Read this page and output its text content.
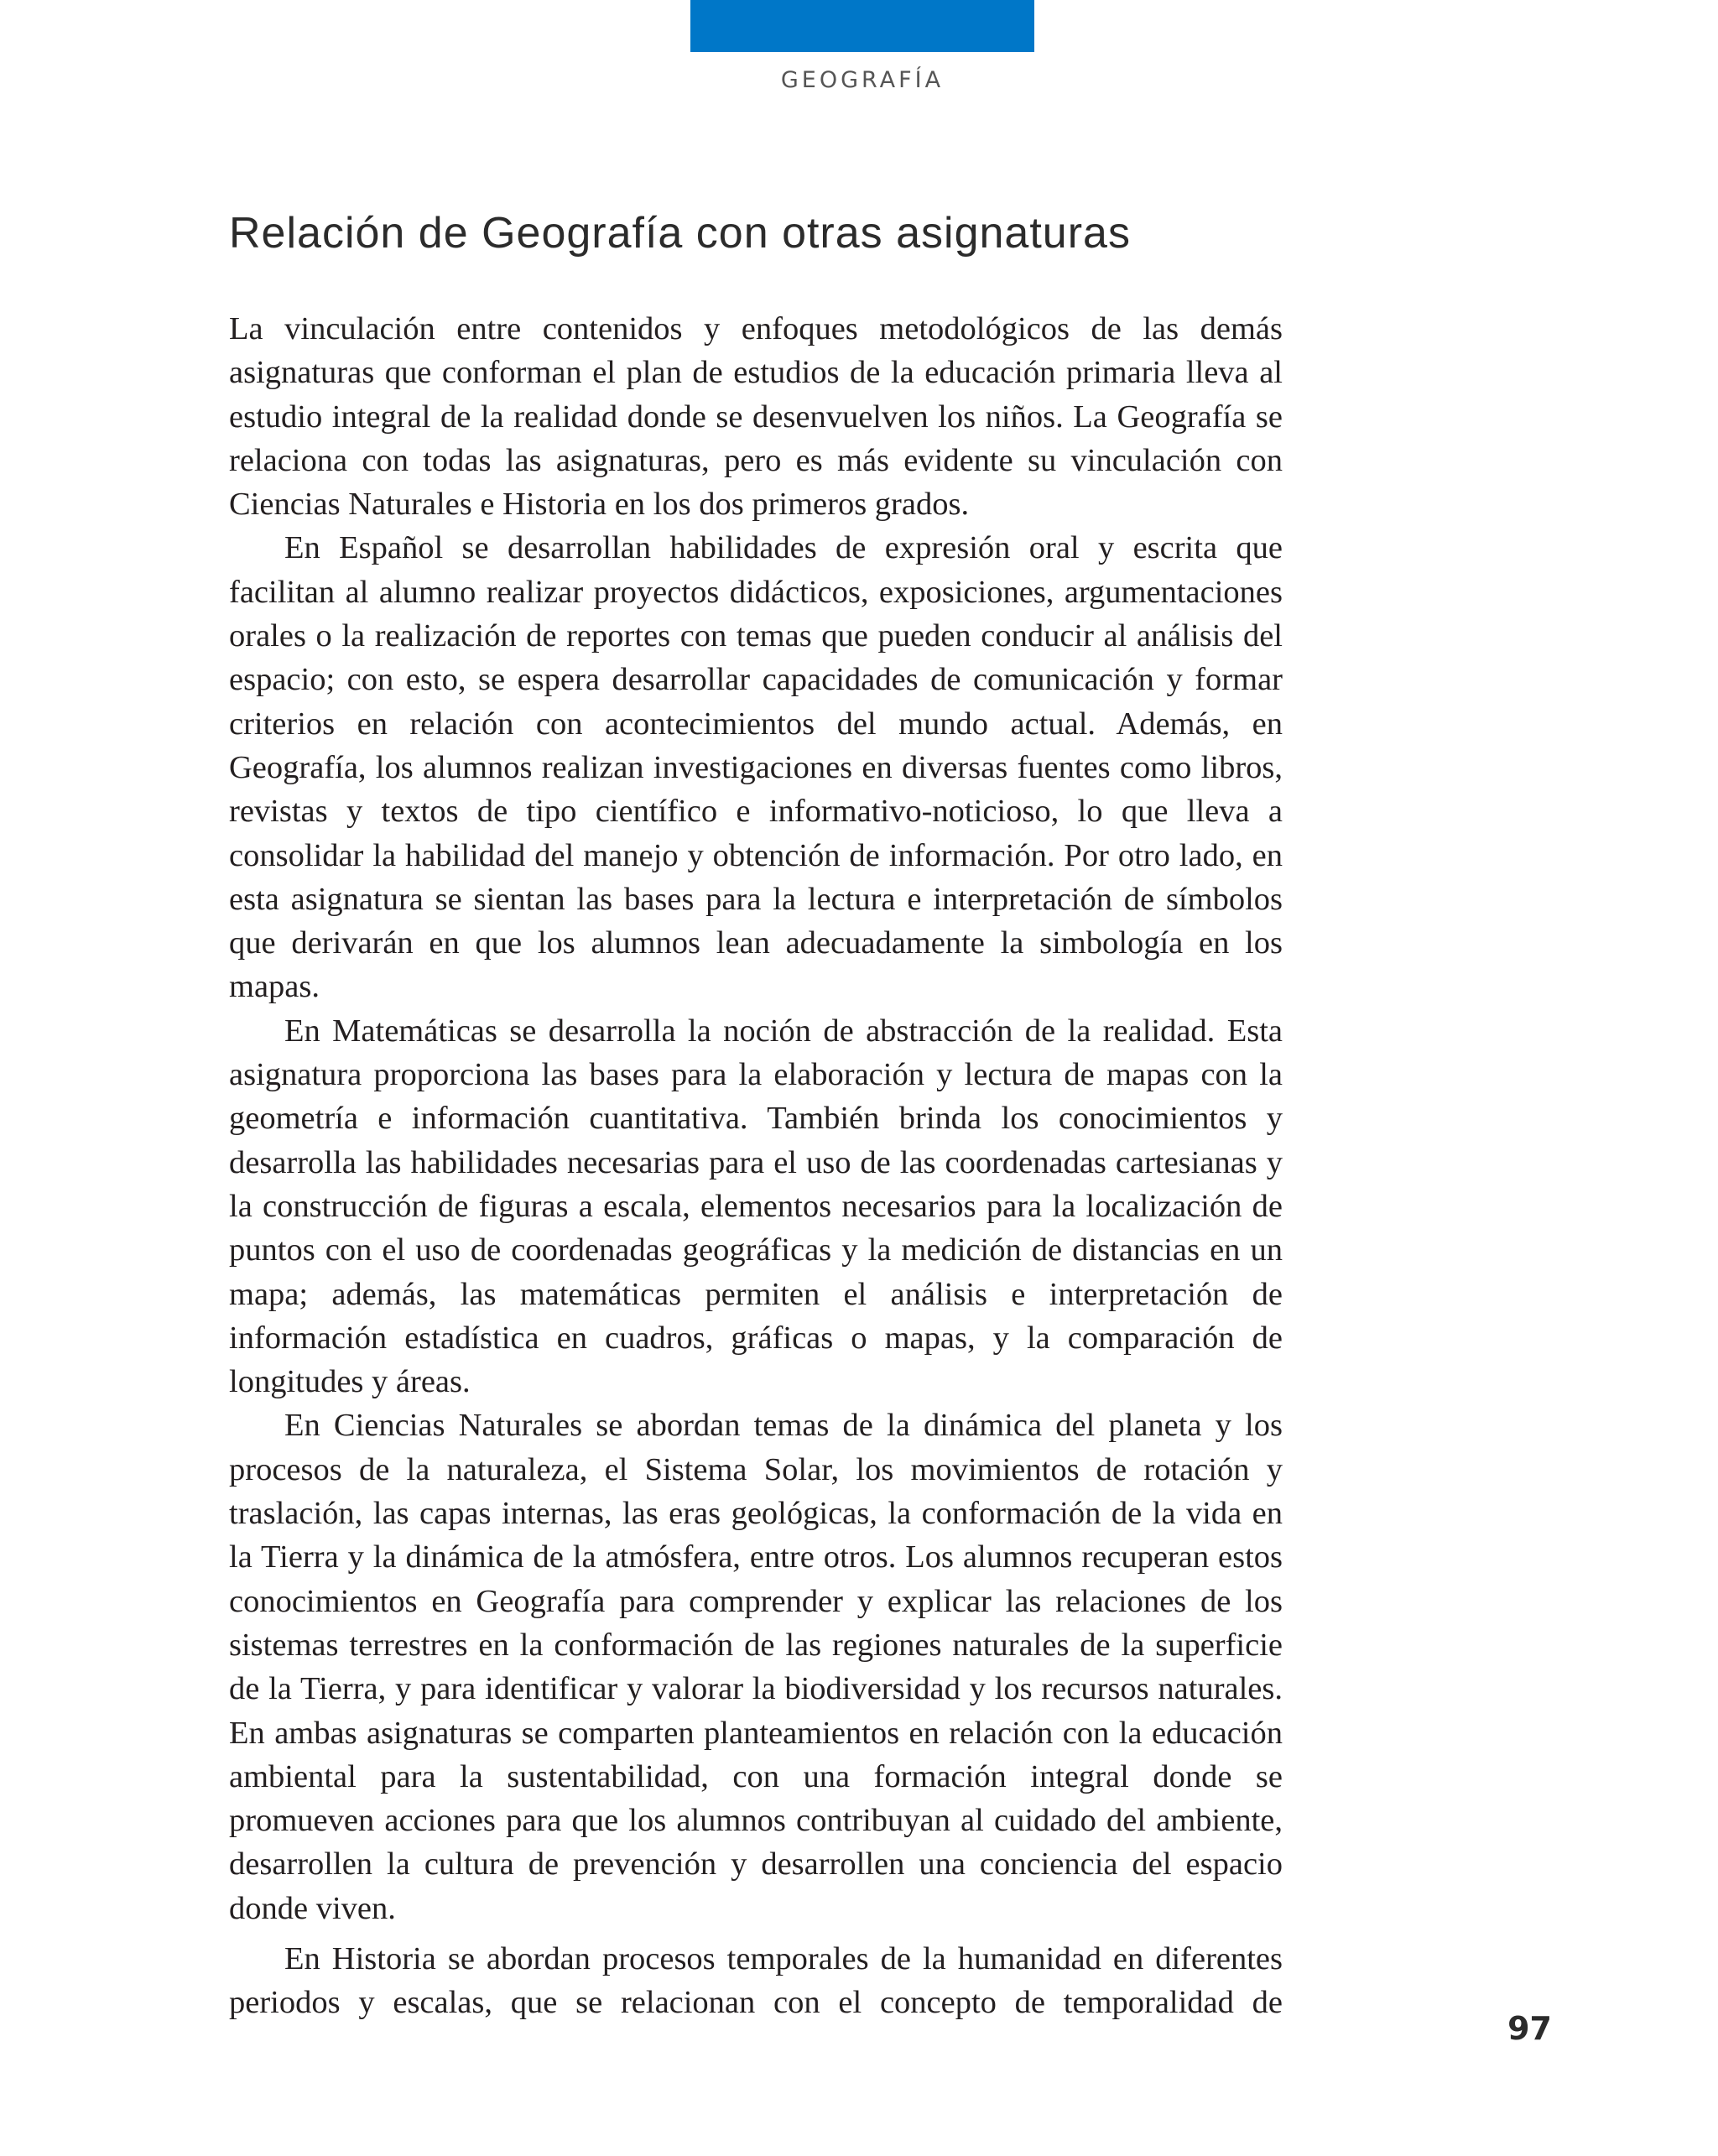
GEOGRAFÍA
Relación de Geografía con otras asignaturas

La vinculación entre contenidos y enfoques metodológicos de las demás asignaturas que conforman el plan de estudios de la educación primaria lleva al estudio integral de la realidad donde se desenvuelven los niños. La Geografía se relaciona con todas las asignaturas, pero es más evidente su vinculación con Ciencias Naturales e Historia en los dos primeros grados.

En Español se desarrollan habilidades de expresión oral y escrita que facilitan al alumno realizar proyectos didácticos, exposiciones, argumentaciones orales o la realización de reportes con temas que pueden conducir al análisis del espacio; con esto, se espera desarrollar capacidades de comunicación y formar criterios en relación con acontecimientos del mundo actual. Además, en Geografía, los alumnos realizan investigaciones en diversas fuentes como libros, revistas y textos de tipo científico e informativo-noticioso, lo que lleva a consolidar la habilidad del manejo y obtención de información. Por otro lado, en esta asignatura se sientan las bases para la lectura e interpretación de símbolos que derivarán en que los alumnos lean adecuadamente la simbología en los mapas.

En Matemáticas se desarrolla la noción de abstracción de la realidad. Esta asignatura proporciona las bases para la elaboración y lectura de mapas con la geometría e información cuantitativa. También brinda los conocimientos y desarrolla las habilidades necesarias para el uso de las coordenadas cartesianas y la construcción de figuras a escala, elementos necesarios para la localización de puntos con el uso de coordenadas geográficas y la medición de distancias en un mapa; además, las matemáticas permiten el análisis e interpretación de información estadística en cuadros, gráficas o mapas, y la comparación de longitudes y áreas.

En Ciencias Naturales se abordan temas de la dinámica del planeta y los procesos de la naturaleza, el Sistema Solar, los movimientos de rotación y traslación, las capas internas, las eras geológicas, la conformación de la vida en la Tierra y la dinámica de la atmósfera, entre otros. Los alumnos recuperan estos conocimientos en Geografía para comprender y explicar las relaciones de los sistemas terrestres en la conformación de las regiones naturales de la superficie de la Tierra, y para identificar y valorar la biodiversidad y los recursos naturales. En ambas asignaturas se comparten planteamientos en relación con la educación ambiental para la sustentabilidad, con una formación integral donde se promueven acciones para que los alumnos contribuyan al cuidado del ambiente, desarrollen la cultura de prevención y desarrollen una conciencia del espacio donde viven.

En Historia se abordan procesos temporales de la humanidad en diferentes periodos y escalas, que se relacionan con el concepto de temporalidad de

97
